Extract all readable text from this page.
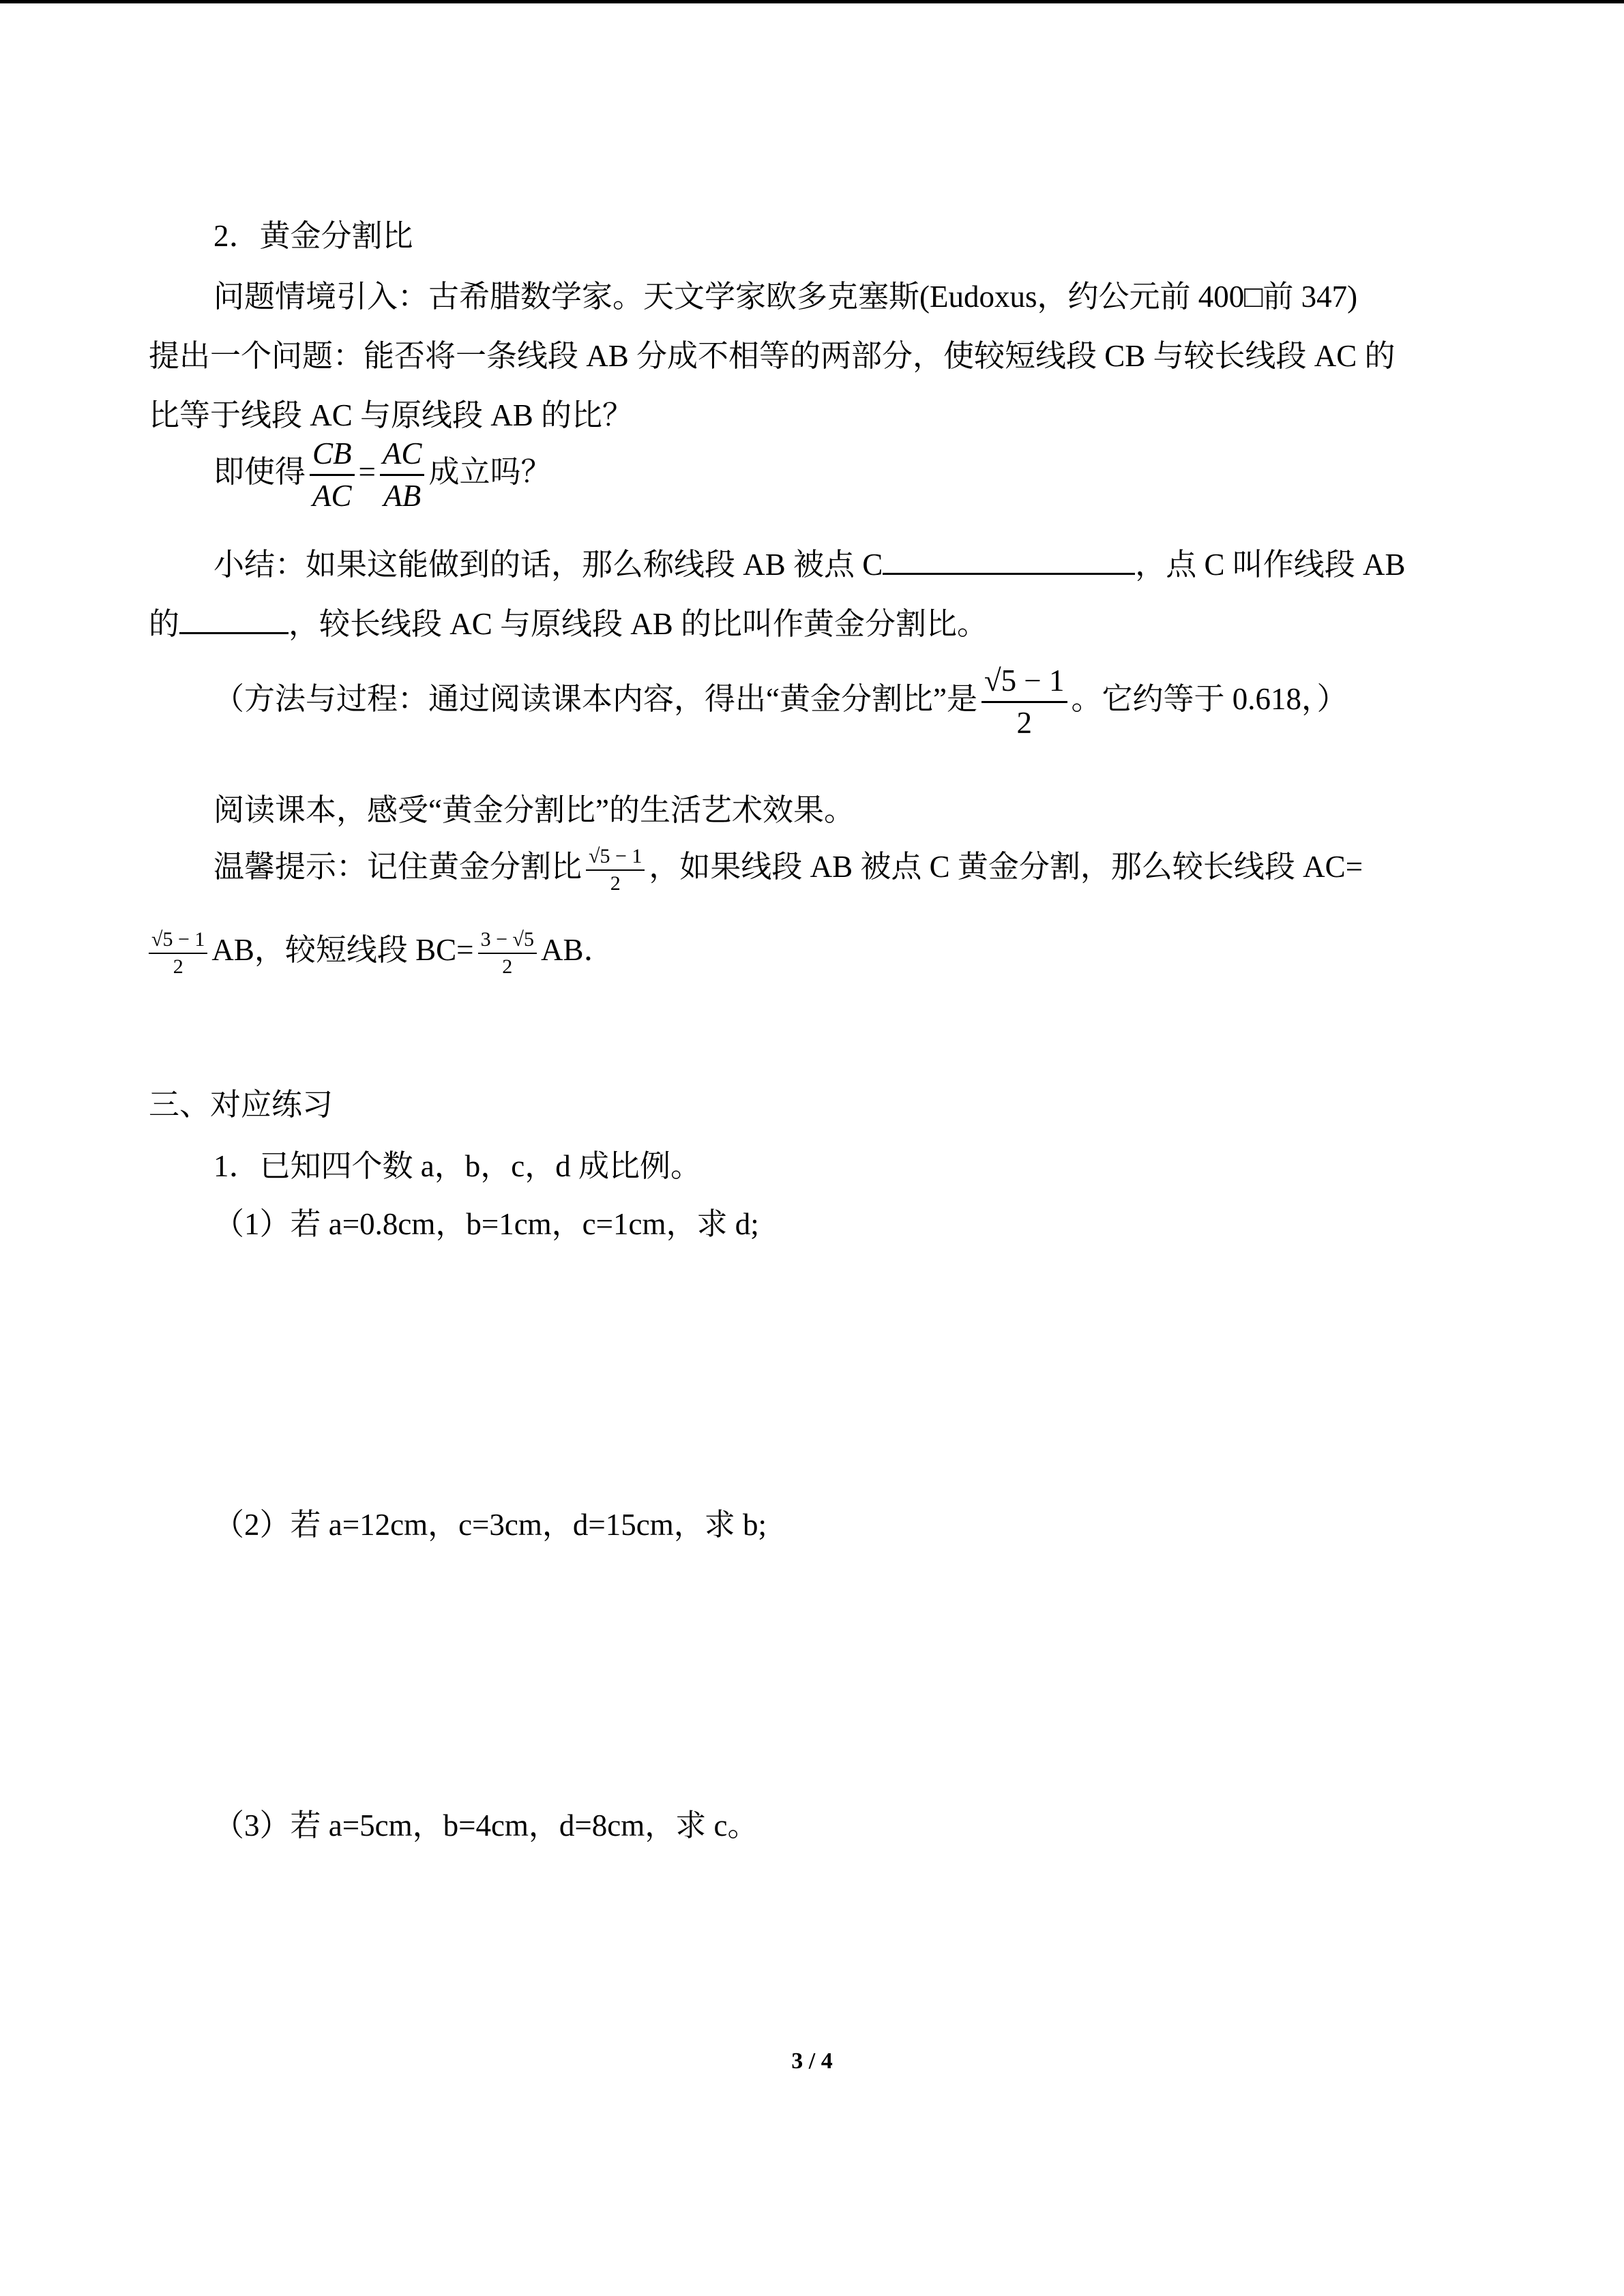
2．黄金分割比
问题情境引入：古希腊数学家。天文学家欧多克塞斯(Eudoxus，约公元前 400□前 347)
提出一个问题：能否将一条线段 AB 分成不相等的两部分，使较短线段 CB 与较长线段 AC 的
比等于线段 AC 与原线段 AB 的比？
即使得 $\frac{CB}{AC} = \frac{AC}{AB}$ 成立吗？
小结：如果这能做到的话，那么称线段 AB 被点 C	，点 C 叫作线段 AB
的	，较长线段 AC 与原线段 AB 的比叫作黄金分割比。
（方法与过程：通过阅读课本内容，得出“黄金分割比”是 $\frac{√5 - 1}{2}$ 。它约等于 0.618，）
阅读课本，感受“黄金分割比”的生活艺术效果。
温馨提示：记住黄金分割比 $\frac{√5 - 1}{2}$ ，如果线段 AB 被点 C 黄金分割，那么较长线段 AC=
$\frac{√5 - 1}{2}$ AB，较短线段 $BC= \frac{3 - √5}{2}$ AB．
三、对应练习
1．已知四个数 a，b，c，d 成比例。
（1）若 a=0.8cm，b=1cm，c=1cm，求 d;
（2）若 a=12cm，c=3cm，d=15cm，求 b;
（3）若 a=5cm，b=4cm，d=8cm，求 c。
3 / 4
